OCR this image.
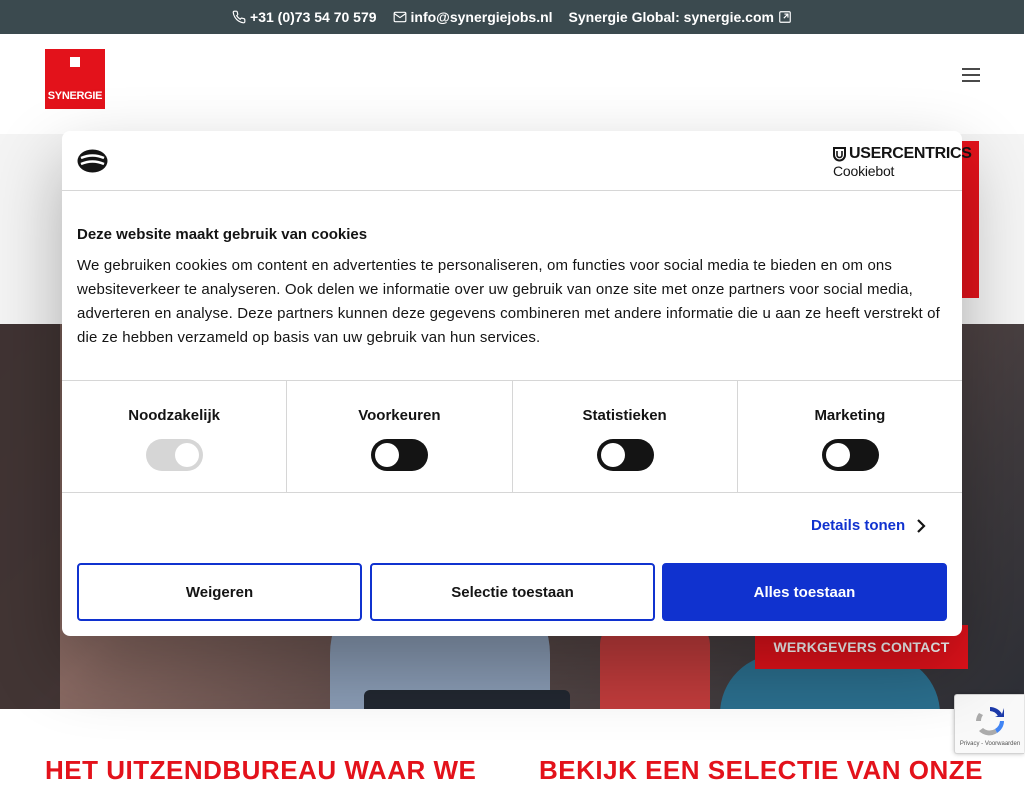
+31 (0)73 54 70 579 info@synergiejobs.nl Synergie Global: synergie.com
SYNERGIE
WERKGEVERS CONTACT
HET UITZENDBUREAU WAAR WE BEKIJK EEN SELECTIE VAN ONZE
Privacy - Voorwaarden
USERCENTRICS
Cookiebot
Deze website maakt gebruik van cookies
We gebruiken cookies om content en advertenties te personaliseren, om functies voor social media te bieden en om ons websiteverkeer te analyseren. Ook delen we informatie over uw gebruik van onze site met onze partners voor social media, adverteren en analyse. Deze partners kunnen deze gegevens combineren met andere informatie die u aan ze heeft verstrekt of die ze hebben verzameld op basis van uw gebruik van hun services.
Noodzakelijk	Voorkeuren	Statistieken	Marketing
Details tonen
Weigeren	Selectie toestaan	Alles toestaan
